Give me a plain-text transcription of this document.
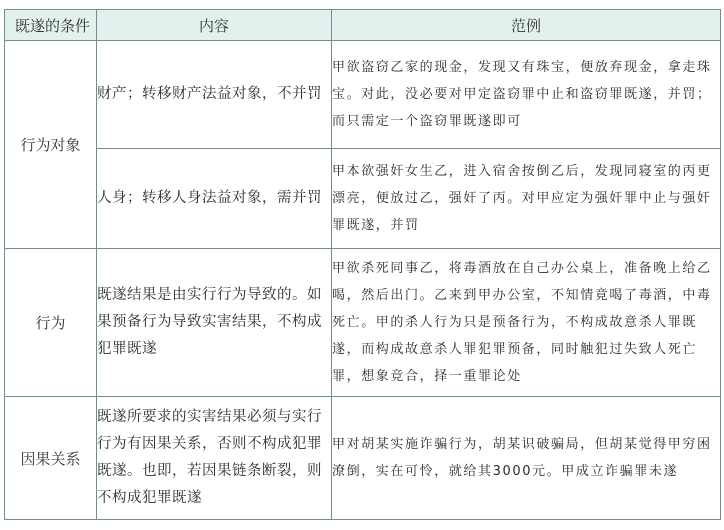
既遂的条件	内容	范例
行为对象	财产；转移财产法益对象，不并罚	甲欲盗窃乙家的现金，发现又有珠宝，便放弃现金，拿走珠宝。对此，没必要对甲定盗窃罪中止和盗窃罪既遂，并罚；而只需定一个盗窃罪既遂即可
	人身；转移人身法益对象，需并罚	甲本欲强奸女生乙，进入宿舍按倒乙后，发现同寝室的丙更漂亮，便放过乙，强奸了丙。对甲应定为强奸罪中止与强奸罪既遂，并罚
行为	既遂结果是由实行行为导致的。如果预备行为导致实害结果，不构成犯罪既遂	甲欲杀死同事乙，将毒酒放在自己办公桌上，准备晚上给乙喝，然后出门。乙来到甲办公室，不知情竟喝了毒酒，中毒死亡。甲的杀人行为只是预备行为，不构成故意杀人罪既遂，而构成故意杀人罪犯罪预备，同时触犯过失致人死亡罪，想象竞合，择一重罪论处
因果关系	既遂所要求的实害结果必须与实行行为有因果关系，否则不构成犯罪既遂。也即，若因果链条断裂，则不构成犯罪既遂	甲对胡某实施诈骗行为，胡某识破骗局，但胡某觉得甲穷困潦倒，实在可怜，就给其3000元。甲成立诈骗罪未遂
